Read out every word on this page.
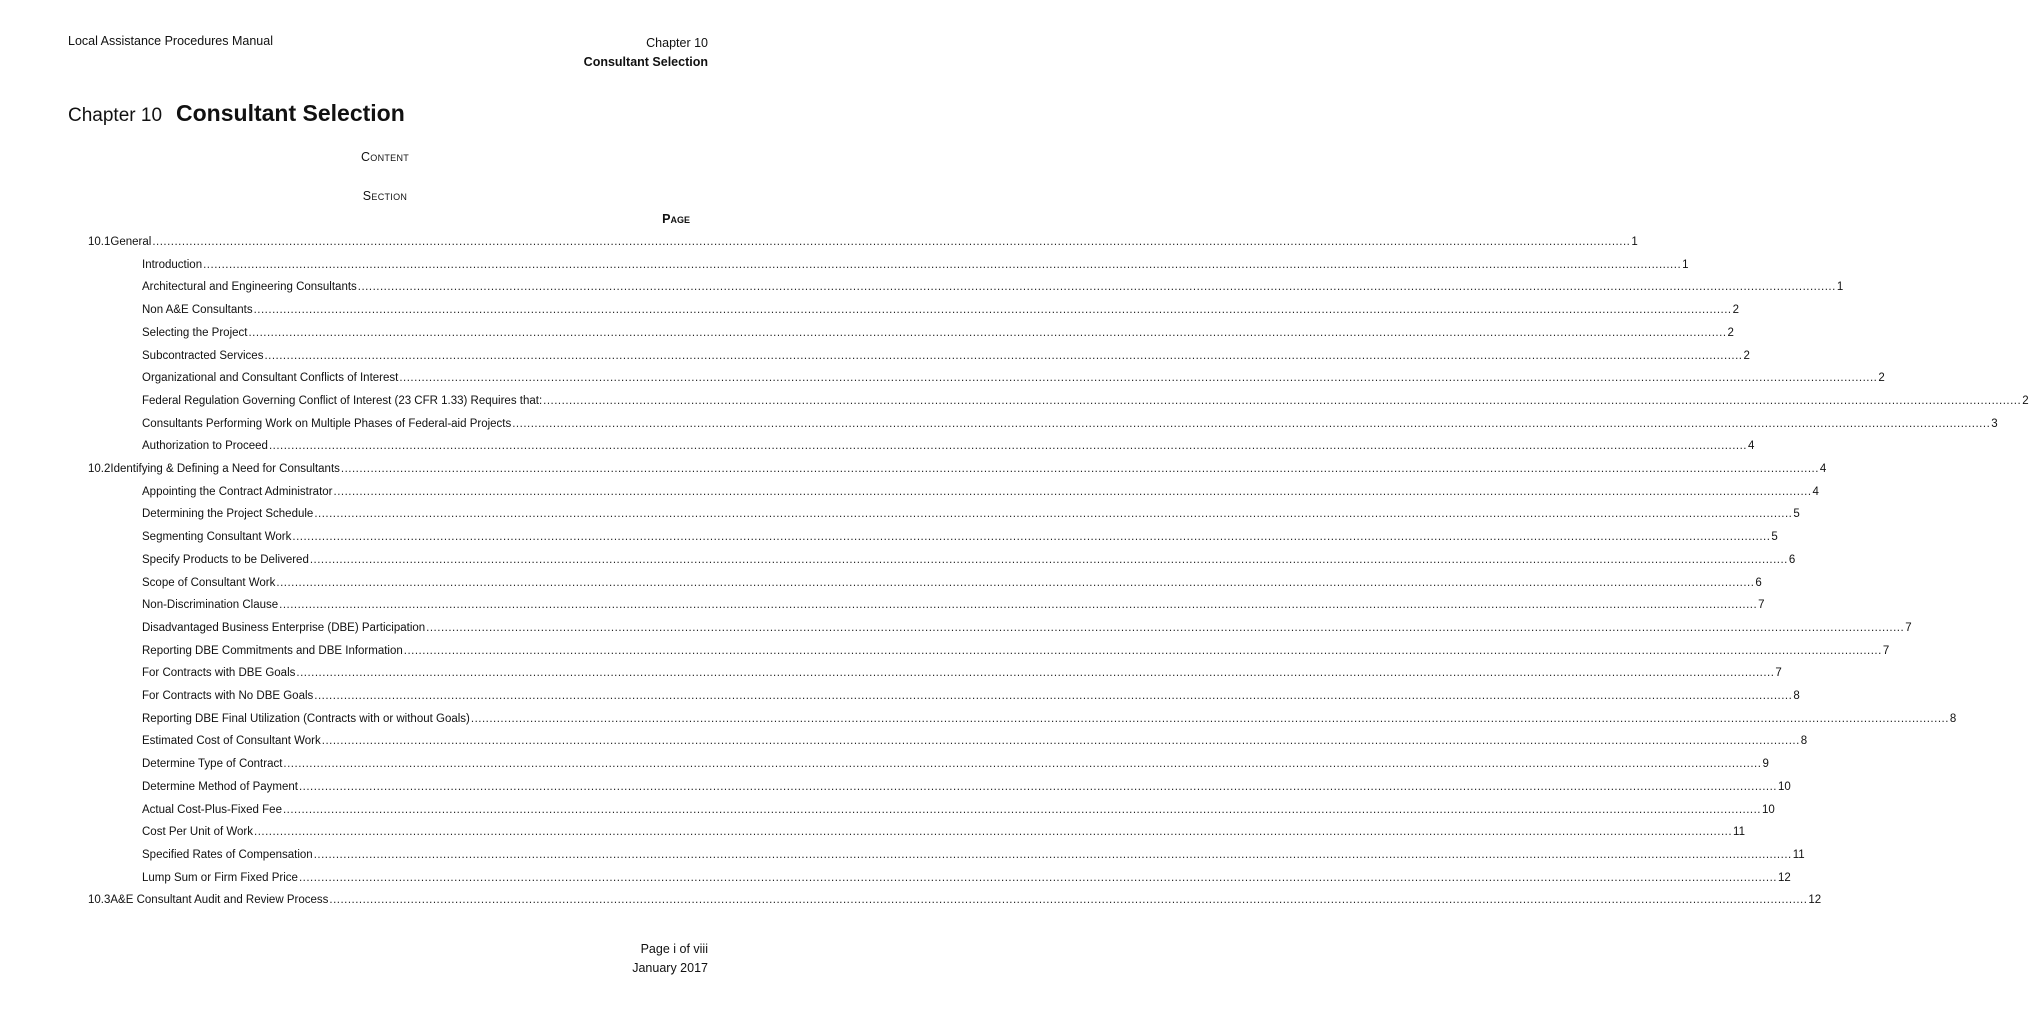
Local Assistance Procedures Manual	Chapter 10
Consultant Selection
Chapter 10 Consultant Selection
Content
Section
Page
10.1 General ................................................................................................................................................................................................................................................................................................................................................................................................................ 1
Introduction ................................................................................................................................................................................................................................................................................................................................................................................................................ 1
Architectural and Engineering Consultants ................................................................................................................................................................................................................................................................................................................................................................................................................ 1
Non A&E Consultants ................................................................................................................................................................................................................................................................................................................................................................................................................ 2
Selecting the Project ................................................................................................................................................................................................................................................................................................................................................................................................................ 2
Subcontracted Services ................................................................................................................................................................................................................................................................................................................................................................................................................ 2
Organizational and Consultant Conflicts of Interest ................................................................................................................................................................................................................................................................................................................................................................................................................ 2
Federal Regulation Governing Conflict of Interest (23 CFR 1.33) Requires that: ................................................................................................................................................................................................................................................................................................................................................................................................................ 2
Consultants Performing Work on Multiple Phases of Federal-aid Projects ................................................................................................................................................................................................................................................................................................................................................................................................................ 3
Authorization to Proceed ................................................................................................................................................................................................................................................................................................................................................................................................................ 4
10.2 Identifying & Defining a Need for Consultants ................................................................................................................................................................................................................................................................................................................................................................................................................ 4
Appointing the Contract Administrator ................................................................................................................................................................................................................................................................................................................................................................................................................ 4
Determining the Project Schedule ................................................................................................................................................................................................................................................................................................................................................................................................................ 5
Segmenting Consultant Work ................................................................................................................................................................................................................................................................................................................................................................................................................ 5
Specify Products to be Delivered ................................................................................................................................................................................................................................................................................................................................................................................................................ 6
Scope of Consultant Work ................................................................................................................................................................................................................................................................................................................................................................................................................ 6
Non-Discrimination Clause ................................................................................................................................................................................................................................................................................................................................................................................................................ 7
Disadvantaged Business Enterprise (DBE) Participation ................................................................................................................................................................................................................................................................................................................................................................................................................ 7
Reporting DBE Commitments and DBE Information ................................................................................................................................................................................................................................................................................................................................................................................................................ 7
For Contracts with DBE Goals ................................................................................................................................................................................................................................................................................................................................................................................................................ 7
For Contracts with No DBE Goals ................................................................................................................................................................................................................................................................................................................................................................................................................ 8
Reporting DBE Final Utilization (Contracts with or without Goals) ................................................................................................................................................................................................................................................................................................................................................................................................................ 8
Estimated Cost of Consultant Work ................................................................................................................................................................................................................................................................................................................................................................................................................ 8
Determine Type of Contract ................................................................................................................................................................................................................................................................................................................................................................................................................ 9
Determine Method of Payment ................................................................................................................................................................................................................................................................................................................................................................................................................ 10
Actual Cost-Plus-Fixed Fee ................................................................................................................................................................................................................................................................................................................................................................................................................ 10
Cost Per Unit of Work ................................................................................................................................................................................................................................................................................................................................................................................................................ 11
Specified Rates of Compensation ................................................................................................................................................................................................................................................................................................................................................................................................................ 11
Lump Sum or Firm Fixed Price ................................................................................................................................................................................................................................................................................................................................................................................................................ 12
10.3 A&E Consultant Audit and Review Process ................................................................................................................................................................................................................................................................................................................................................................................................................ 12
Page i of viii
January 2017
